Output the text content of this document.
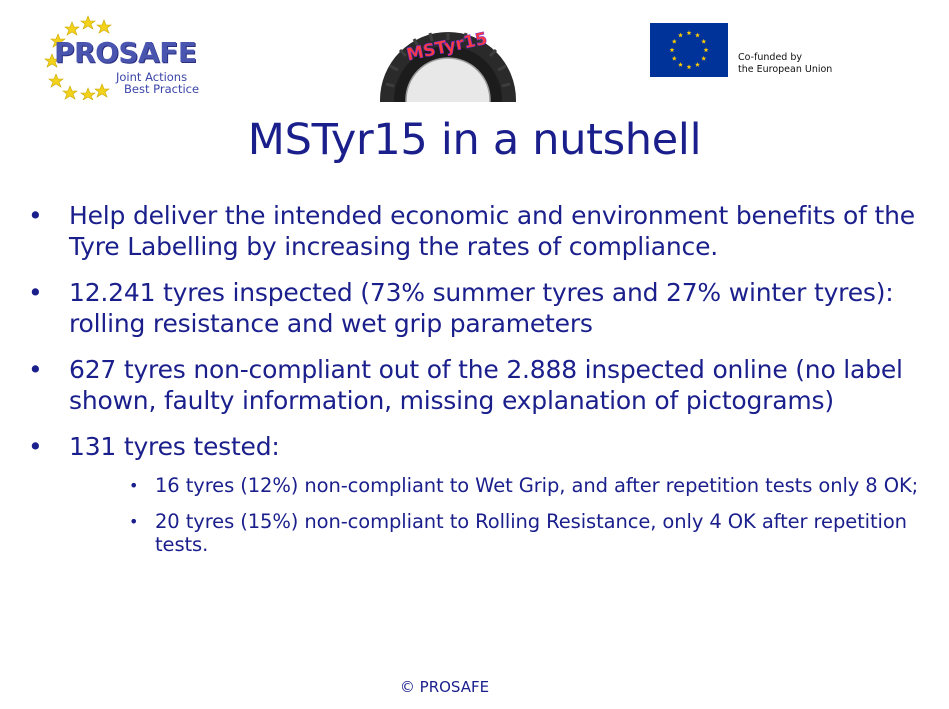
PROSAFE
Joint Actions
Best Practice
MSTyr15	Co-funded by
the European Union
MSTyr15 in a nutshell
• Help deliver the intended economic and environment benefits of the Tyre Labelling by increasing the rates of compliance.
• 12.241 tyres inspected (73% summer tyres and 27% winter tyres): rolling resistance and wet grip parameters
• 627 tyres non-compliant out of the 2.888 inspected online (no label shown, faulty information, missing explanation of pictograms)
• 131 tyres tested:
• 16 tyres (12%) non-compliant to Wet Grip, and after repetition tests only 8 OK;
• 20 tyres (15%) non-compliant to Rolling Resistance, only 4 OK after repetition tests.
© PROSAFE
